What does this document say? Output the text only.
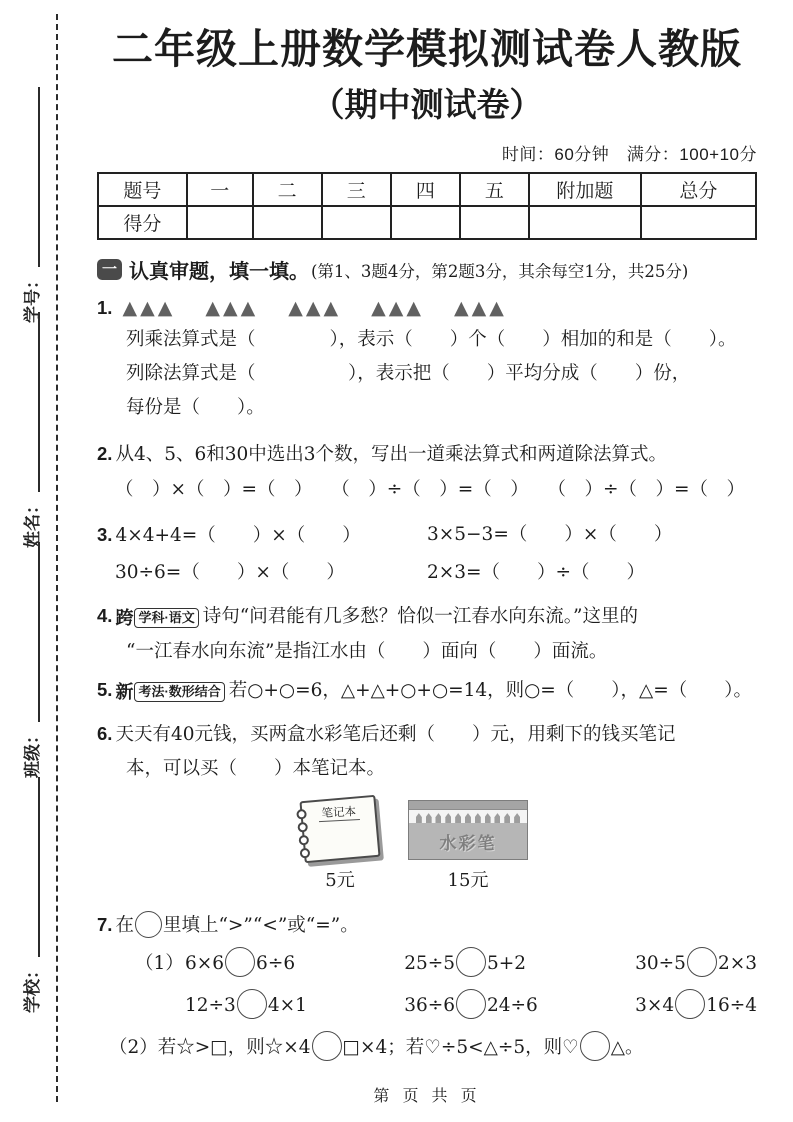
学号：
姓名：
班级：
学校：
二年级上册数学模拟测试卷人教版
（期中测试卷）
时间：60分钟　满分：100+10分
题号	一	二	三	四	五	附加题	总分
得分							
一 认真审题，填一填。 (第1、3题4分，第2题3分，其余每空1分，共25分)
1. ▲ ▲ ▲ ▲ ▲ ▲ ▲ ▲ ▲ ▲ ▲ ▲ ▲ ▲ ▲
列乘法算式是（　　　　），表示（　　）个（　　）相加的和是（　　）。
列除法算式是（　　　　　），表示把（　　）平均分成（　　）份，
每份是（　　）。
2. 从4、5、6和30中选出3个数，写出一道乘法算式和两道除法算式。
（　）×（　）=（　） （　）÷（　）=（　） （　）÷（　）=（　）
3. 4×4+4=（　　）×（　　）	3×5−3=（　　）×（　　）
30÷6=（　　）×（　　）	2×3=（　　）÷（　　）
4. 跨 学科·语文 诗句“问君能有几多愁？恰似一江春水向东流。”这里的
“一江春水向东流”是指江水由（　　）面向（　　）面流。
5. 新 考法·数形结合 若○+○=6，△+△+○+○=14，则○=（　　），△=（　　）。
6. 天天有40元钱，买两盒水彩笔后还剩（　　）元，用剩下的钱买笔记
本，可以买（　　）本笔记本。
笔记本
5元
水彩笔
15元
7. 在 里填上“>”“<”或“=”。
（1） 6×6 6÷6	25÷5 5+2	30÷5 2×3
12÷3 4×1	36÷6 24÷6	3×4 16÷4
（2）若☆>□，则☆×4 □×4；若♡÷5<△÷5，则♡ △。
第 页 共 页
